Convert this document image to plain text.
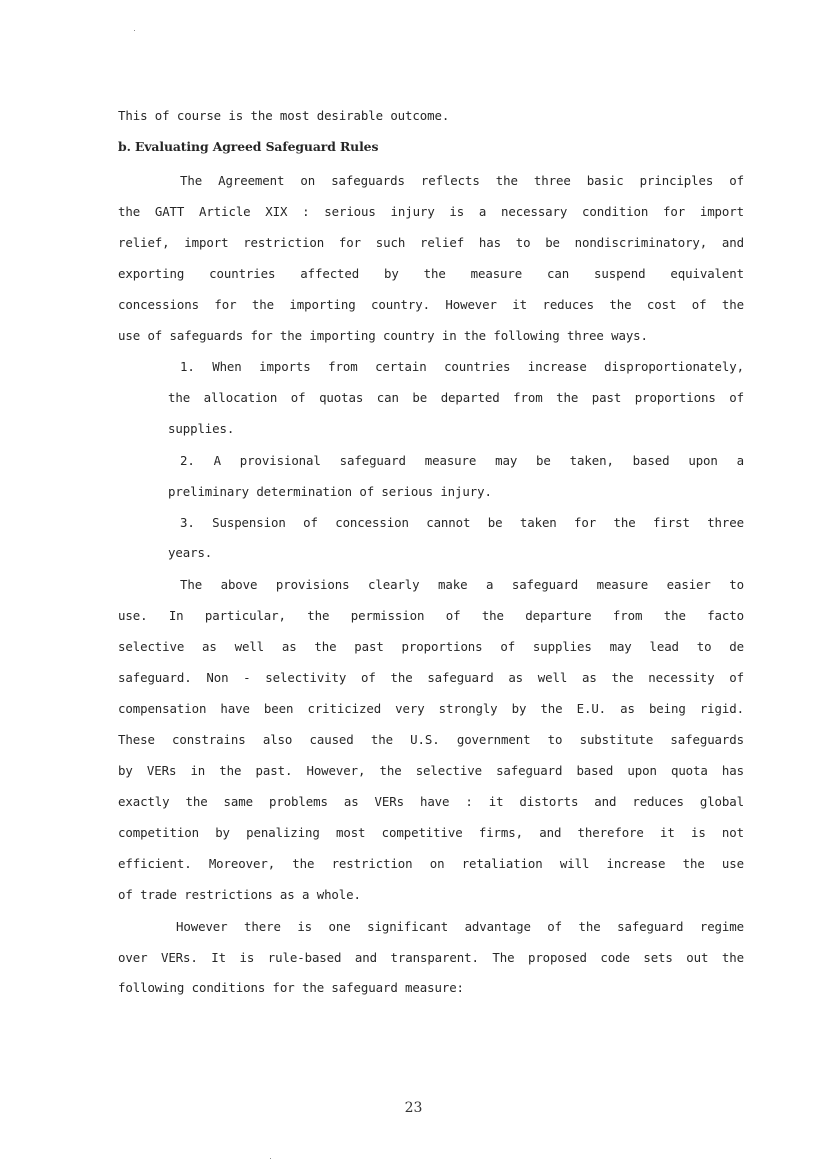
This of course is the most desirable outcome.
b. Evaluating Agreed Safeguard Rules
The Agreement on safeguards reflects the three basic principles of
the GATT Article XIX : serious injury is a necessary condition for import
relief, import restriction for such relief has to be nondiscriminatory, and
exporting countries affected by the measure can suspend equivalent
concessions for the importing country. However it reduces the cost of the
use of safeguards for the importing country in the following three ways.
1. When imports from certain countries increase disproportionately,
the allocation of quotas can be departed from the past proportions of
supplies.
2. A provisional safeguard measure may be taken, based upon a
preliminary determination of serious injury.
3. Suspension of concession cannot be taken for the first three
years.
The above provisions clearly make a safeguard measure easier to
use. In particular, the permission of the departure from the facto
selective as well as the past proportions of supplies may lead to de
safeguard. Non - selectivity of the safeguard as well as the necessity of
compensation have been criticized very strongly by the E.U. as being rigid.
These constrains also caused the U.S. government to substitute safeguards
by VERs in the past. However, the selective safeguard based upon quota has
exactly the same problems as VERs have : it distorts and reduces global
competition by penalizing most competitive firms, and therefore it is not
efficient. Moreover, the restriction on retaliation will increase the use
of trade restrictions as a whole.
However there is one significant advantage of the safeguard regime
over VERs. It is rule-based and transparent. The proposed code sets out the
following conditions for the safeguard measure:
23
